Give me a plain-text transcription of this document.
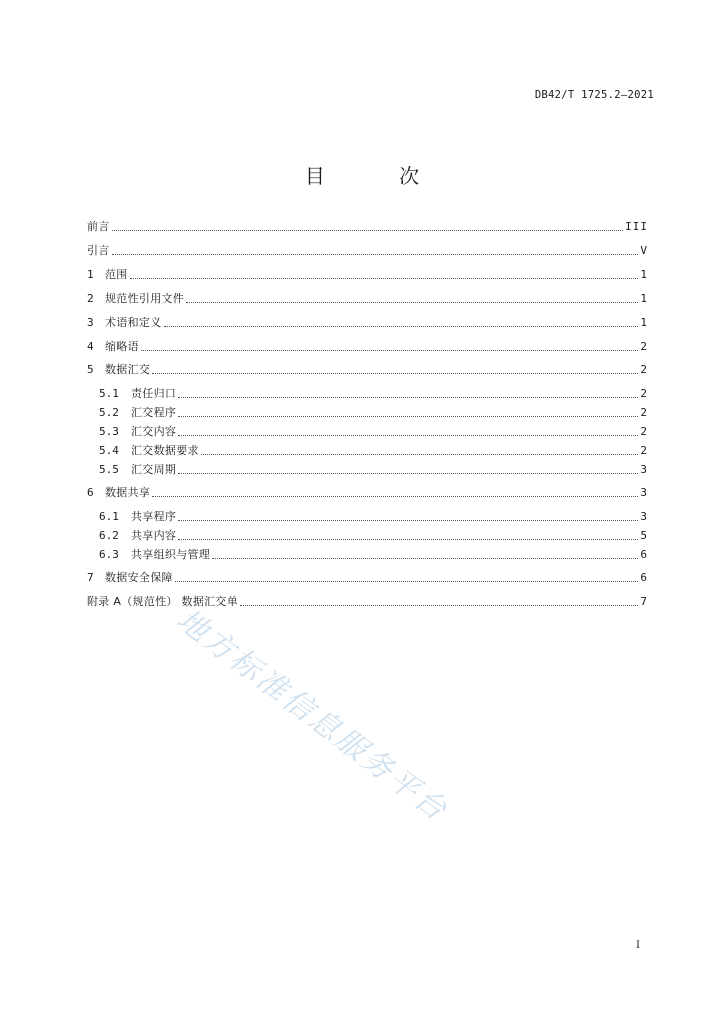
DB42/T 1725.2—2021
目 次
前言	III
引言	V
1	范围	1
2	规范性引用文件	1
3	术语和定义	1
4	缩略语	2
5	数据汇交	2
5.1	责任归口	2
5.2	汇交程序	2
5.3	汇交内容	2
5.4	汇交数据要求	2
5.5	汇交周期	3
6	数据共享	3
6.1	共享程序	3
6.2	共享内容	5
6.3	共享组织与管理	6
7	数据安全保障	6
附录 A（规范性） 数据汇交单	7
地方标准信息服务平台
I
